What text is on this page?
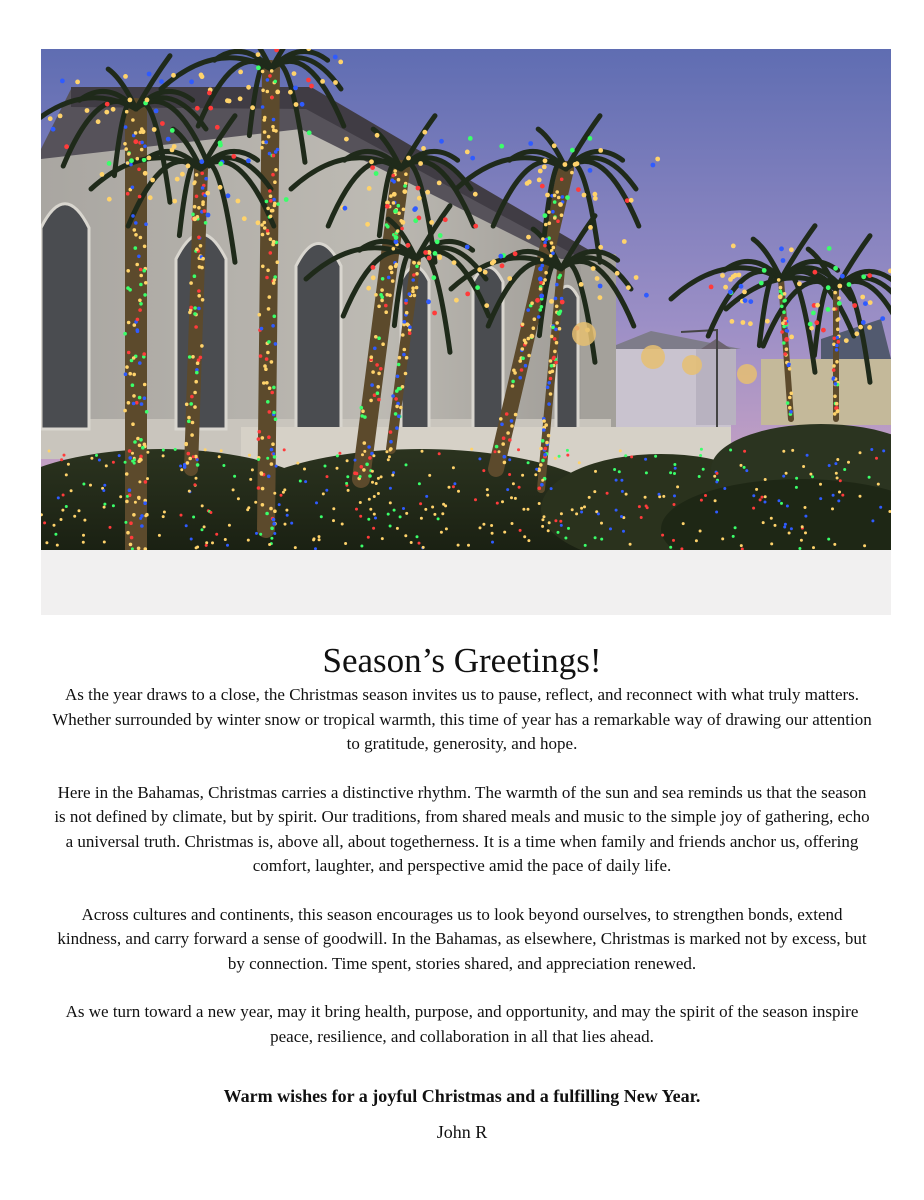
Season’s Greetings!

As the year draws to a close, the Christmas season invites us to pause, reflect, and reconnect with what truly matters. Whether surrounded by winter snow or tropical warmth, this time of year has a remarkable way of drawing our attention to gratitude, generosity, and hope.

Here in the Bahamas, Christmas carries a distinctive rhythm. The warmth of the sun and sea reminds us that the season is not defined by climate, but by spirit. Our traditions, from shared meals and music to the simple joy of gathering, echo a universal truth. Christmas is, above all, about togetherness. It is a time when family and friends anchor us, offering comfort, laughter, and perspective amid the pace of daily life.

Across cultures and continents, this season encourages us to look beyond ourselves, to strengthen bonds, extend kindness, and carry forward a sense of goodwill. In the Bahamas, as elsewhere, Christmas is marked not by excess, but by connection. Time spent, stories shared, and appreciation renewed.

As we turn toward a new year, may it bring health, purpose, and opportunity, and may the spirit of the season inspire peace, resilience, and collaboration in all that lies ahead.

Warm wishes for a joyful Christmas and a fulfilling New Year.

John R
